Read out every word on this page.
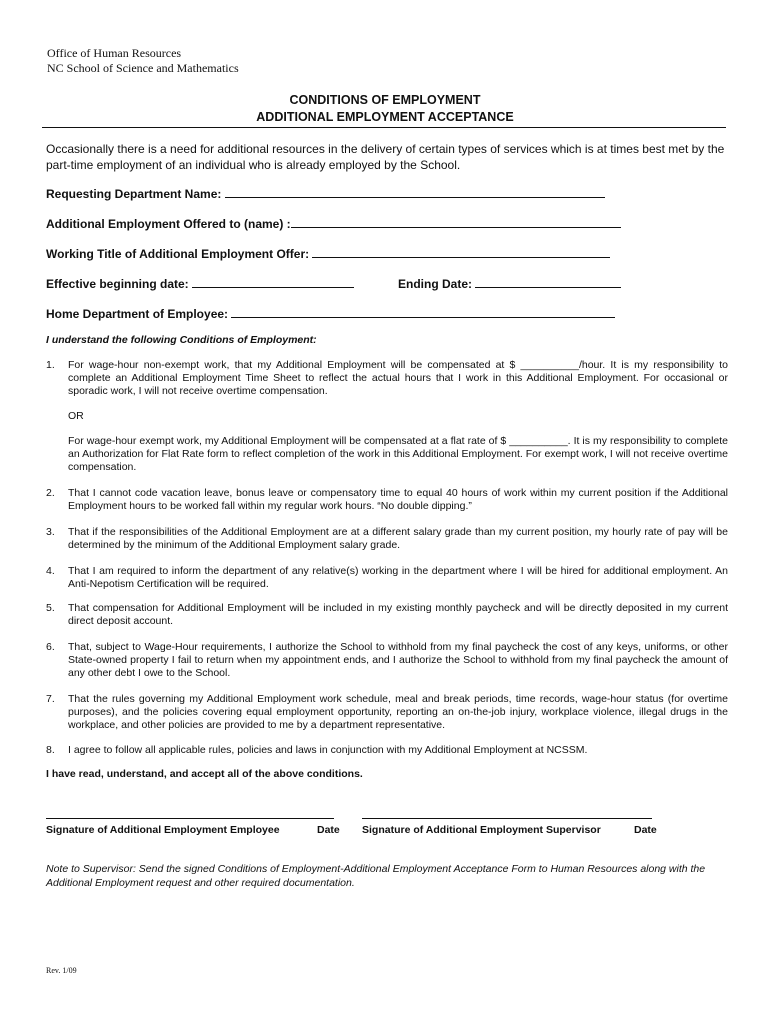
Office of Human Resources
NC School of Science and Mathematics
CONDITIONS OF EMPLOYMENT
ADDITIONAL EMPLOYMENT ACCEPTANCE
Occasionally there is a need for additional resources in the delivery of certain types of services which is at times best met by the part-time employment of an individual who is already employed by the School.
Requesting Department Name:
Additional Employment Offered to (name) :
Working Title of Additional Employment Offer:
Effective beginning date:	Ending Date:
Home Department of Employee:
I understand the following Conditions of Employment:
1. For wage-hour non-exempt work, that my Additional Employment will be compensated at $ __________/hour. It is my responsibility to complete an Additional Employment Time Sheet to reflect the actual hours that I work in this Additional Employment. For occasional or sporadic work, I will not receive overtime compensation.
OR
For wage-hour exempt work, my Additional Employment will be compensated at a flat rate of $ __________. It is my responsibility to complete an Authorization for Flat Rate form to reflect completion of the work in this Additional Employment. For exempt work, I will not receive overtime compensation.
2. That I cannot code vacation leave, bonus leave or compensatory time to equal 40 hours of work within my current position if the Additional Employment hours to be worked fall within my regular work hours. “No double dipping.”
3. That if the responsibilities of the Additional Employment are at a different salary grade than my current position, my hourly rate of pay will be determined by the minimum of the Additional Employment salary grade.
4. That I am required to inform the department of any relative(s) working in the department where I will be hired for additional employment. An Anti-Nepotism Certification will be required.
5. That compensation for Additional Employment will be included in my existing monthly paycheck and will be directly deposited in my current direct deposit account.
6. That, subject to Wage-Hour requirements, I authorize the School to withhold from my final paycheck the cost of any keys, uniforms, or other State-owned property I fail to return when my appointment ends, and I authorize the School to withhold from my final paycheck the amount of any other debt I owe to the School.
7. That the rules governing my Additional Employment work schedule, meal and break periods, time records, wage-hour status (for overtime purposes), and the policies covering equal employment opportunity, reporting an on-the-job injury, workplace violence, illegal drugs in the workplace, and other policies are provided to me by a department representative.
8. I agree to follow all applicable rules, policies and laws in conjunction with my Additional Employment at NCSSM.
I have read, understand, and accept all of the above conditions.
Signature of Additional Employment Employee	Date Signature of Additional Employment Supervisor	Date
Note to Supervisor: Send the signed Conditions of Employment-Additional Employment Acceptance Form to Human Resources along with the Additional Employment request and other required documentation.
Rev. 1/09
